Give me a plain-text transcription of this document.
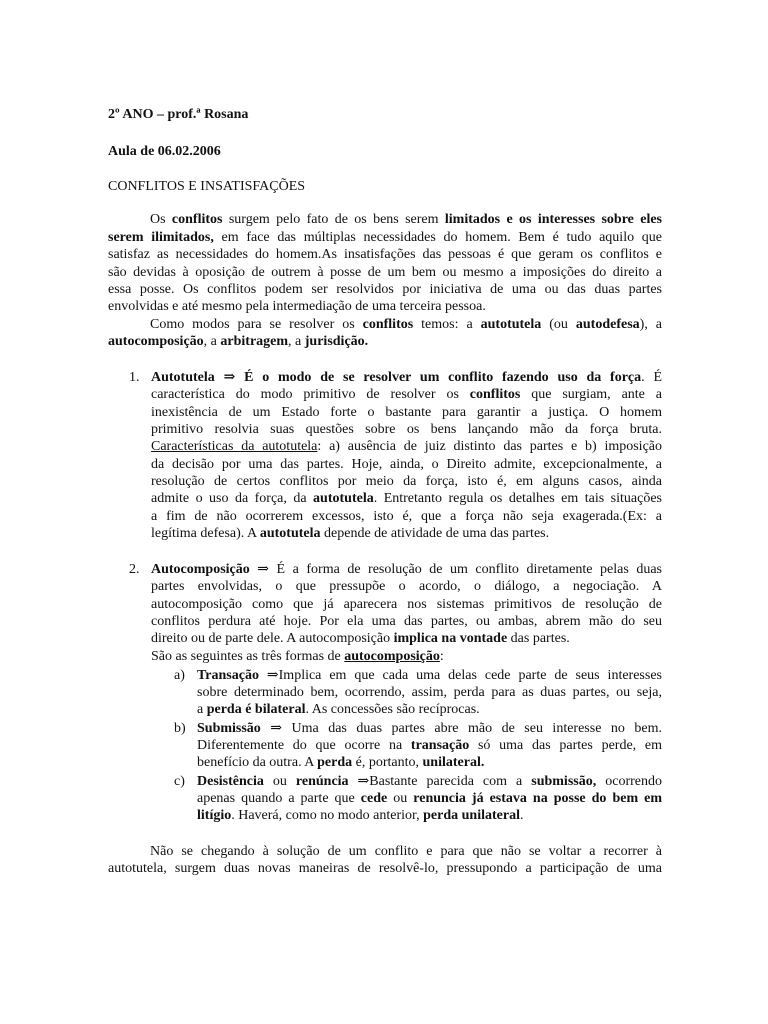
2º ANO – prof.ª Rosana
Aula de 06.02.2006
CONFLITOS E INSATISFAÇÕES
Os conflitos surgem pelo fato de os bens serem limitados e os interesses sobre eles
serem ilimitados, em face das múltiplas necessidades do homem. Bem é tudo aquilo que
satisfaz as necessidades do homem.As insatisfações das pessoas é que geram os conflitos e
são devidas à oposição de outrem à posse de um bem ou mesmo a imposições do direito a
essa posse. Os conflitos podem ser resolvidos por iniciativa de uma ou das duas partes
envolvidas e até mesmo pela intermediação de uma terceira pessoa.
Como modos para se resolver os conflitos temos: a autotutela (ou autodefesa), a
autocomposição, a arbitragem, a jurisdição.
1. Autotutela ⇒ É o modo de se resolver um conflito fazendo uso da força. É
característica do modo primitivo de resolver os conflitos que surgiam, ante a
inexistência de um Estado forte o bastante para garantir a justiça. O homem
primitivo resolvia suas questões sobre os bens lançando mão da força bruta.
Características da autotutela: a) ausência de juiz distinto das partes e b) imposição
da decisão por uma das partes. Hoje, ainda, o Direito admite, excepcionalmente, a
resolução de certos conflitos por meio da força, isto é, em alguns casos, ainda
admite o uso da força, da autotutela. Entretanto regula os detalhes em tais situações
a fim de não ocorrerem excessos, isto é, que a força não seja exagerada.(Ex: a
legítima defesa). A autotutela depende de atividade de uma das partes.
2. Autocomposição ⇒ É a forma de resolução de um conflito diretamente pelas duas
partes envolvidas, o que pressupõe o acordo, o diálogo, a negociação. A
autocomposição como que já aparecera nos sistemas primitivos de resolução de
conflitos perdura até hoje. Por ela uma das partes, ou ambas, abrem mão do seu
direito ou de parte dele. A autocomposição implica na vontade das partes.
São as seguintes as três formas de autocomposição:
a) Transação ⇒Implica em que cada uma delas cede parte de seus interesses
sobre determinado bem, ocorrendo, assim, perda para as duas partes, ou seja,
a perda é bilateral. As concessões são recíprocas.
b) Submissão ⇒ Uma das duas partes abre mão de seu interesse no bem.
Diferentemente do que ocorre na transação só uma das partes perde, em
benefício da outra. A perda é, portanto, unilateral.
c) Desistência ou renúncia ⇒Bastante parecida com a submissão, ocorrendo
apenas quando a parte que cede ou renuncia já estava na posse do bem em
litígio. Haverá, como no modo anterior, perda unilateral.
Não se chegando à solução de um conflito e para que não se voltar a recorrer à
autotutela, surgem duas novas maneiras de resolvê-lo, pressupondo a participação de uma
